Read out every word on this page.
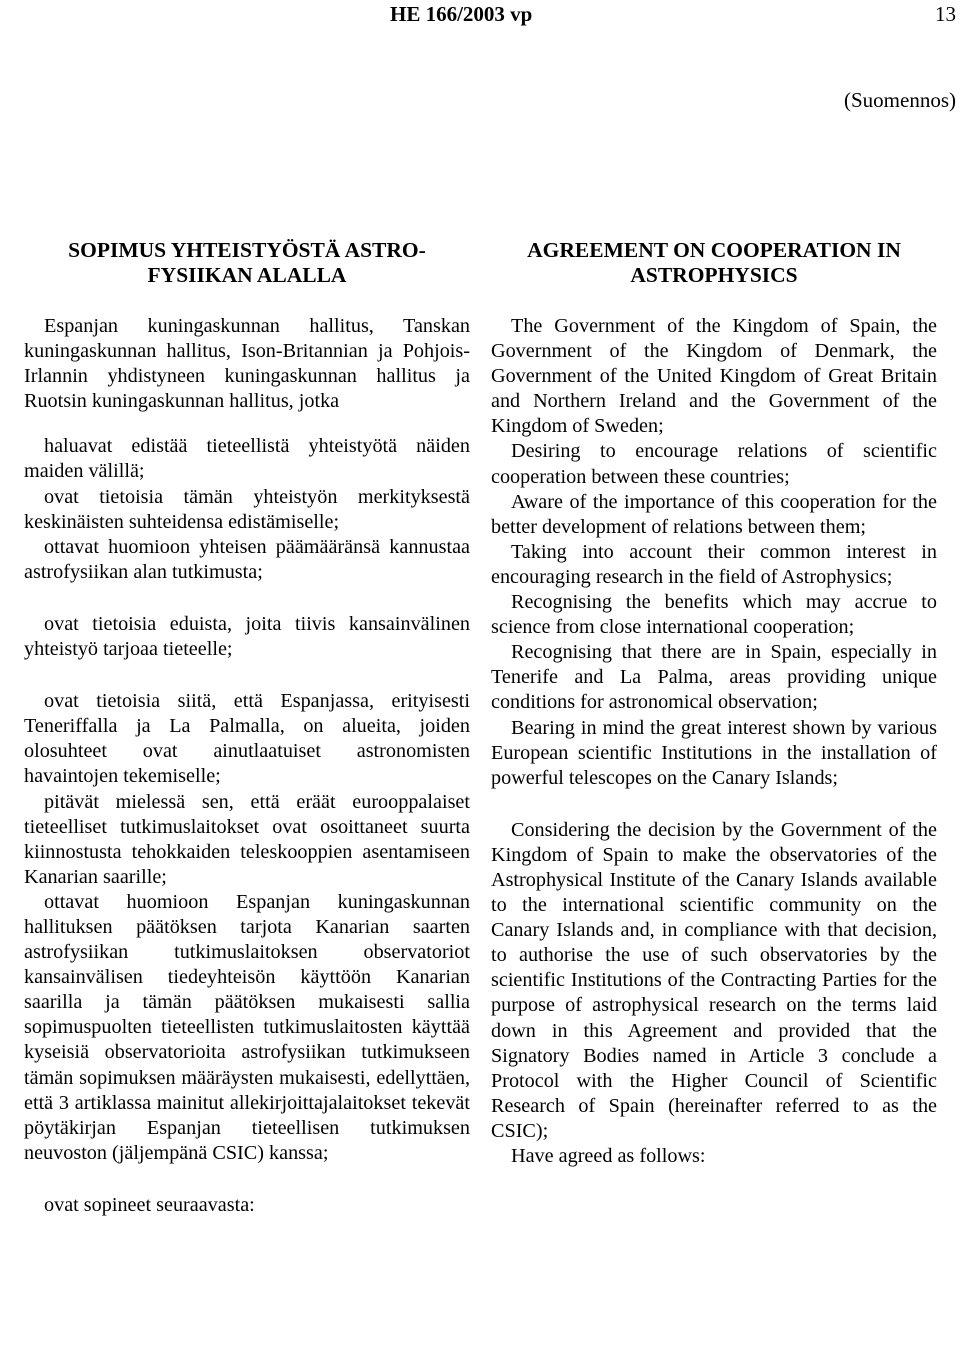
HE 166/2003 vp	13
(Suomennos)
SOPIMUS YHTEISTYÖSTÄ ASTRO-FYSIIKAN ALALLA

Espanjan kuningaskunnan hallitus, Tanskan kuningaskunnan hallitus, Ison-Britannian ja Pohjois-Irlannin yhdistyneen kuningaskunnan hallitus ja Ruotsin kuningaskunnan hallitus, jotka

haluavat edistää tieteellistä yhteistyötä näiden maiden välillä;

ovat tietoisia tämän yhteistyön merkityksestä keskinäisten suhteidensa edistämiselle;

ottavat huomioon yhteisen päämääränsä kannustaa astrofysiikan alan tutkimusta;

ovat tietoisia eduista, joita tiivis kansainvälinen yhteistyö tarjoaa tieteelle;

ovat tietoisia siitä, että Espanjassa, erityisesti Teneriffalla ja La Palmalla, on alueita, joiden olosuhteet ovat ainutlaatuiset astronomisten havaintojen tekemiselle;

pitävät mielessä sen, että eräät eurooppalaiset tieteelliset tutkimuslaitokset ovat osoittaneet suurta kiinnostusta tehokkaiden teleskooppien asentamiseen Kanarian saarille;

ottavat huomioon Espanjan kuningaskunnan hallituksen päätöksen tarjota Kanarian saarten astrofysiikan tutkimuslaitoksen observatoriot kansainvälisen tiedeyhteisön käyttöön Kanarian saarilla ja tämän päätöksen mukaisesti sallia sopimuspuolten tieteellisten tutkimuslaitosten käyttää kyseisiä observatorioita astrofysiikan tutkimukseen tämän sopimuksen määräysten mukaisesti, edellyttäen, että 3 artiklassa mainitut allekirjoittajalaitokset tekevät pöytäkirjan Espanjan tieteellisen tutkimuksen neuvoston (jäljempänä CSIC) kanssa;

ovat sopineet seuraavasta:

AGREEMENT ON COOPERATION IN ASTROPHYSICS

The Government of the Kingdom of Spain, the Government of the Kingdom of Denmark, the Government of the United Kingdom of Great Britain and Northern Ireland and the Government of the Kingdom of Sweden;

Desiring to encourage relations of scientific cooperation between these countries;

Aware of the importance of this cooperation for the better development of relations between them;

Taking into account their common interest in encouraging research in the field of Astrophysics;

Recognising the benefits which may accrue to science from close international cooperation;

Recognising that there are in Spain, especially in Tenerife and La Palma, areas providing unique conditions for astronomical observation;

Bearing in mind the great interest shown by various European scientific Institutions in the installation of powerful telescopes on the Canary Islands;

Considering the decision by the Government of the Kingdom of Spain to make the observatories of the Astrophysical Institute of the Canary Islands available to the international scientific community on the Canary Islands and, in compliance with that decision, to authorise the use of such observatories by the scientific Institutions of the Contracting Parties for the purpose of astrophysical research on the terms laid down in this Agreement and provided that the Signatory Bodies named in Article 3 conclude a Protocol with the Higher Council of Scientific Research of Spain (hereinafter referred to as the CSIC);

Have agreed as follows:
